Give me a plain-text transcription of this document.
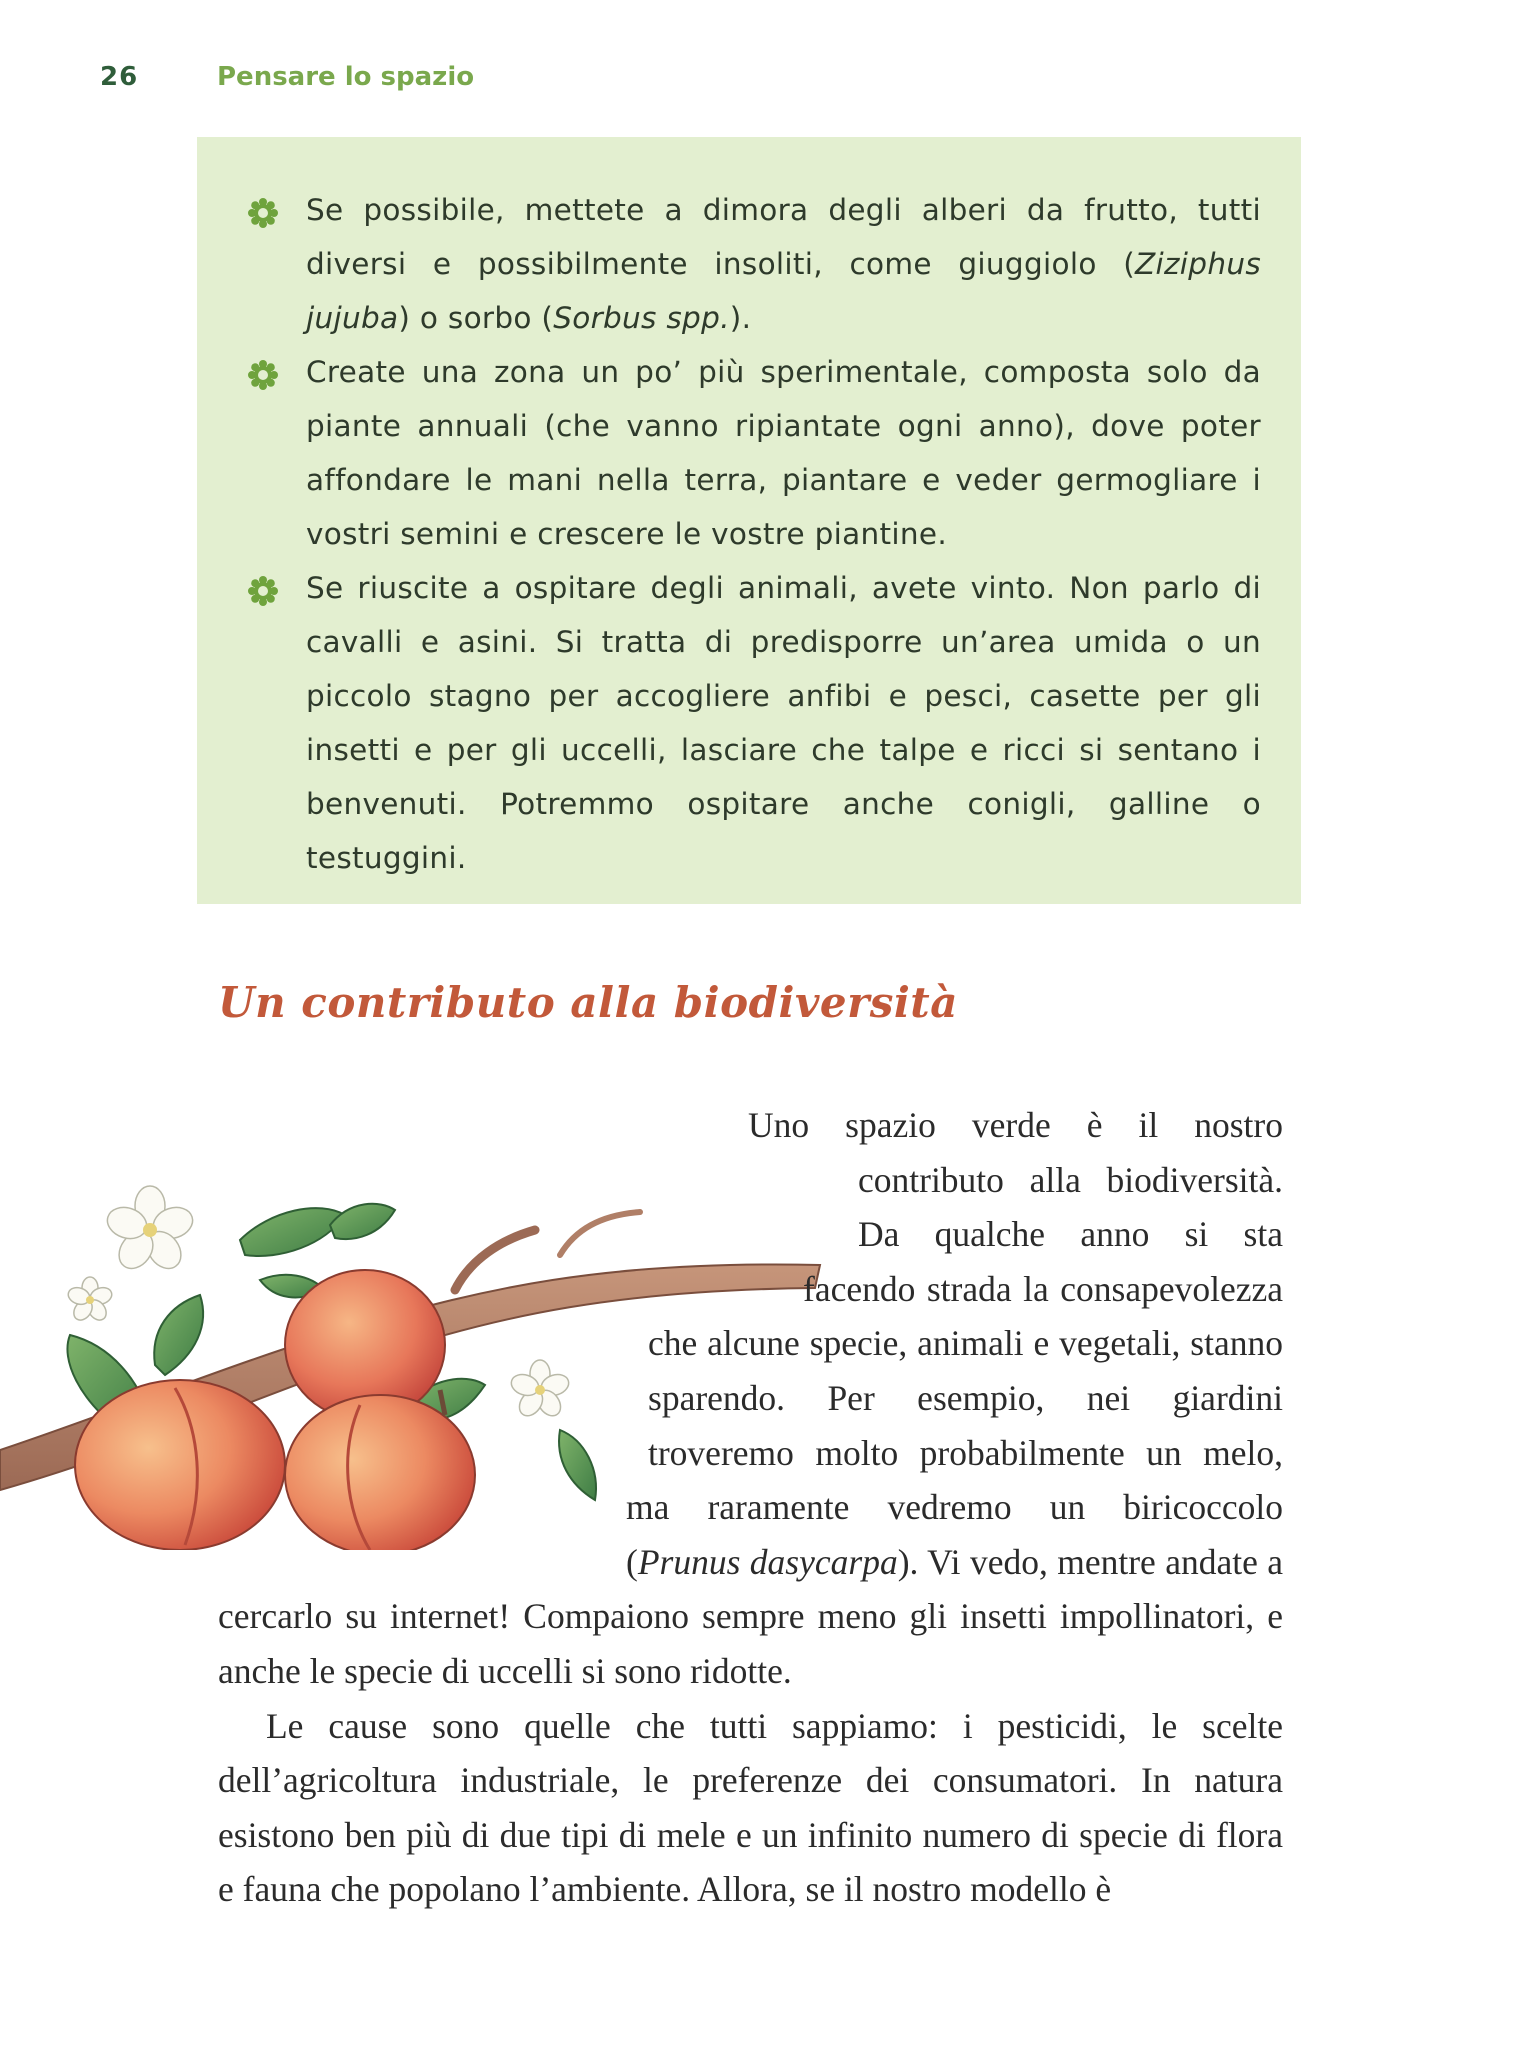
26	Pensare lo spazio
Se possibile, mettete a dimora degli alberi da frutto, tutti diversi e possibilmente insoliti, come giuggiolo (Ziziphus jujuba) o sorbo (Sorbus spp.).
Create una zona un po’ più sperimentale, composta solo da piante annuali (che vanno ripiantate ogni anno), dove poter affondare le mani nella terra, piantare e veder germogliare i vostri semini e crescere le vostre piantine.
Se riuscite a ospitare degli animali, avete vinto. Non parlo di cavalli e asini. Si tratta di predisporre un’area umida o un piccolo stagno per accogliere anfibi e pesci, casette per gli insetti e per gli uccelli, lasciare che talpe e ricci si sentano i benvenuti. Potremmo ospitare anche conigli, galline o testuggini.
Un contributo alla biodiversità

Uno spazio verde è il nostro contributo alla biodiversità. Da qualche anno si sta facendo strada la consapevolezza che alcune specie, animali e vegetali, stanno sparendo. Per esempio, nei giardini troveremo molto probabilmente un melo, ma raramente vedremo un biricoccolo (Prunus dasycarpa). Vi vedo, mentre andate a cercarlo su internet! Compaiono sempre meno gli insetti impollinatori, e anche le specie di uccelli si sono ridotte.

Le cause sono quelle che tutti sappiamo: i pesticidi, le scelte dell’agricoltura industriale, le preferenze dei consumatori. In natura esistono ben più di due tipi di mele e un infinito numero di specie di flora e fauna che popolano l’ambiente. Allora, se il nostro modello è
